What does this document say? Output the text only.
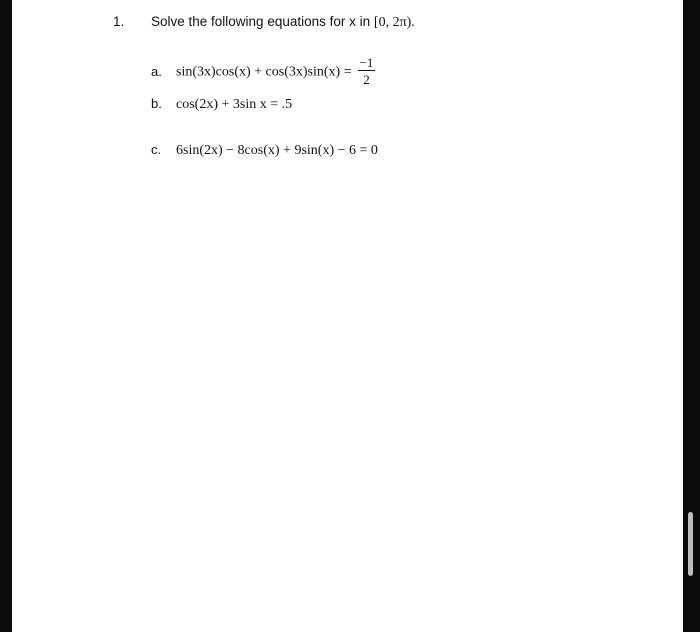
1. Solve the following equations for x in [0, 2π).
a. $\sin(3x)\cos(x) + \cos(3x)\sin(x) = \frac{-1}{2}$
b. cos(2x) + 3sin x = .5
c. 6sin(2x) − 8cos(x) + 9sin(x) − 6 = 0
